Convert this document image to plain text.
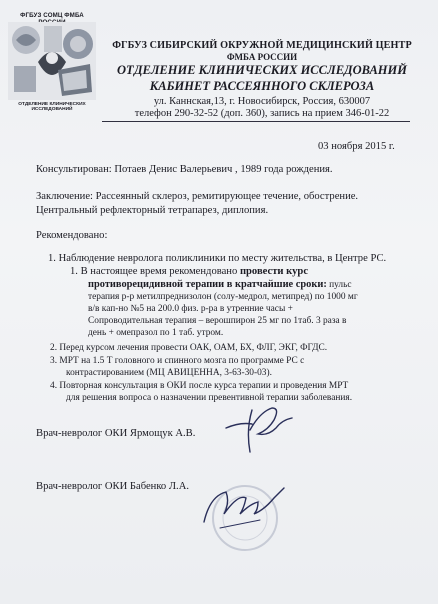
ФГБУЗ СОМЦ ФМБА
ОТДЕЛЕНИЕ КЛИНИЧЕСКИХ ИССЛЕДОВАНИЙ
ФГБУЗ СИБИРСКИЙ ОКРУЖНОЙ МЕДИЦИНСКИЙ ЦЕНТР
ФМБА РОССИИ
ОТДЕЛЕНИЕ КЛИНИЧЕСКИХ ИССЛЕДОВАНИЙ
КАБИНЕТ РАССЕЯННОГО СКЛЕРОЗА
ул. Каннская,13, г. Новосибирск, Россия, 630007
телефон 290-32-52 (доп. 360), запись на прием 346-01-22
03 ноября 2015 г.
Консультирован: Потаев Денис Валерьевич , 1989 года рождения.
Заключение: Рассеянный склероз, ремитирующее течение, обострение.
Центральный рефлекторный тетрапарез, диплопия.
Рекомендовано:
1. Наблюдение невролога поликлиники по месту жительства, в Центре РС.
1. В настоящее время рекомендовано провести курс
противорецидивной терапии в кратчайшие сроки: пульс
терапия р-р метилпреднизолон (солу-медрол, метипред) по 1000 мг
в/в кап-но №5 на 200.0 физ. р-ра в утренние часы +
Сопроводительная терапия – верошпирон 25 мг по 1таб. 3 раза в
день + омепразол по 1 таб. утром.
2. Перед курсом лечения провести ОАК, ОАМ, БХ, ФЛГ, ЭКГ, ФГДС.
3. МРТ на 1.5 Т головного и спинного мозга по программе РС с
контрастированием (МЦ АВИЦЕННА, 3-63-30-03).
4. Повторная консультация в ОКИ после курса терапии и проведения МРТ
для решения вопроса о назначении превентивной терапии заболевания.
Врач-невролог ОКИ Ярмощук А.В.
Врач-невролог ОКИ Бабенко Л.А.
